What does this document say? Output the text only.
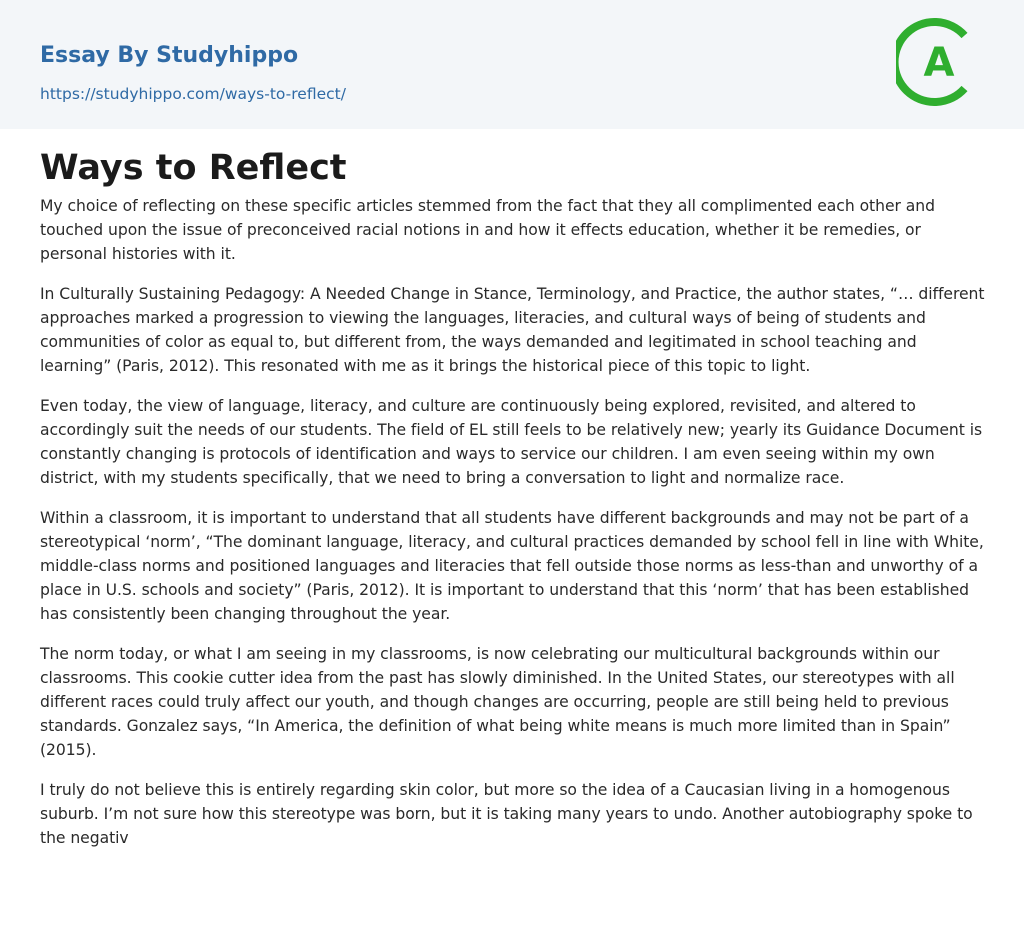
Essay By Studyhippo
https://studyhippo.com/ways-to-reflect/
A
Ways to Reflect

My choice of reflecting on these specific articles stemmed from the fact that they all complimented each other and touched upon the issue of preconceived racial notions in and how it effects education, whether it be remedies, or personal histories with it.

In Culturally Sustaining Pedagogy: A Needed Change in Stance, Terminology, and Practice, the author states, “… different approaches marked a progression to viewing the languages, literacies, and cultural ways of being of students and communities of color as equal to, but different from, the ways demanded and legitimated in school teaching and learning” (Paris, 2012). This resonated with me as it brings the historical piece of this topic to light.

Even today, the view of language, literacy, and culture are continuously being explored, revisited, and altered to accordingly suit the needs of our students. The field of EL still feels to be relatively new; yearly its Guidance Document is constantly changing is protocols of identification and ways to service our children. I am even seeing within my own district, with my students specifically, that we need to bring a conversation to light and normalize race.

Within a classroom, it is important to understand that all students have different backgrounds and may not be part of a stereotypical ‘norm’, “The dominant language, literacy, and cultural practices demanded by school fell in line with White, middle-class norms and positioned languages and literacies that fell outside those norms as less-than and unworthy of a place in U.S. schools and society” (Paris, 2012). It is important to understand that this ‘norm’ that has been established has consistently been changing throughout the year.

The norm today, or what I am seeing in my classrooms, is now celebrating our multicultural backgrounds within our classrooms. This cookie cutter idea from the past has slowly diminished. In the United States, our stereotypes with all different races could truly affect our youth, and though changes are occurring, people are still being held to previous standards. Gonzalez says, “In America, the definition of what being white means is much more limited than in Spain” (2015).

I truly do not believe this is entirely regarding skin color, but more so the idea of a Caucasian living in a homogenous suburb. I’m not sure how this stereotype was born, but it is taking many years to undo. Another autobiography spoke to the negativ
